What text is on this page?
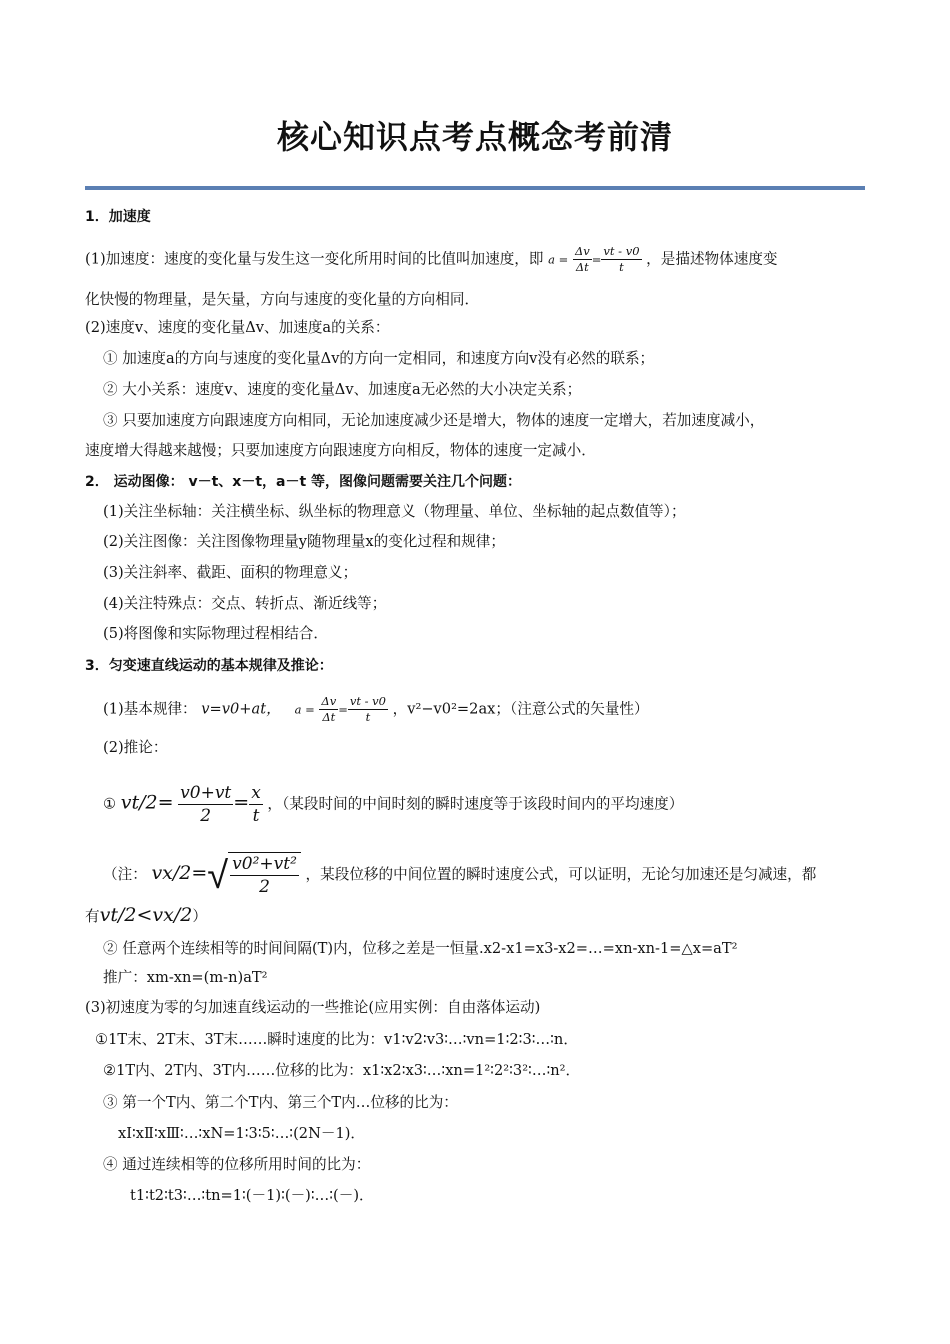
核心知识点考点概念考前清
1．加速度
(1)加速度：速度的变化量与发生这一变化所用时间的比值叫加速度，即 $a = \frac{\Delta v}{\Delta t} = \frac{vt - v0}{t}$ ，是描述物体速度变
化快慢的物理量，是矢量，方向与速度的变化量的方向相同．
(2)速度v、速度的变化量Δv、加速度a的关系：
① 加速度a的方向与速度的变化量Δv的方向一定相同，和速度方向v没有必然的联系；
② 大小关系：速度v、速度的变化量Δv、加速度a无必然的大小决定关系；
③ 只要加速度方向跟速度方向相同，无论加速度减少还是增大，物体的速度一定增大，若加速度减小，
速度增大得越来越慢；只要加速度方向跟速度方向相反，物体的速度一定减小．
2． 运动图像： v－t、x－t，a－t 等，图像问题需要关注几个问题：
(1)关注坐标轴：关注横坐标、纵坐标的物理意义（物理量、单位、坐标轴的起点数值等）；
(2)关注图像：关注图像物理量y随物理量x的变化过程和规律；
(3)关注斜率、截距、面积的物理意义；
(4)关注特殊点：交点、转折点、渐近线等；
(5)将图像和实际物理过程相结合．
3．匀变速直线运动的基本规律及推论：
(1)基本规律： v=v0+at， $a = \frac{\Delta v}{\Delta t} = \frac{vt - v0}{t}$ ，v²−v0²=2ax；（注意公式的矢量性）
(2)推论：
① $vt/2= \frac{v0+vt}{2} = \frac{x}{t}$ ，（某段时间的中间时刻的瞬时速度等于该段时间内的平均速度）
（注： $vx/2=√ \frac{\text{v0²+vt²}}{2}$ ，某段位移的中间位置的瞬时速度公式，可以证明，无论匀加速还是匀减速，都
有vt/2<vx/2）
② 任意两个连续相等的时间间隔(T)内，位移之差是一恒量.x2-x1=x3-x2=…=xn-xn-1=△x=aT²
推广：xm-xn=(m-n)aT²
(3)初速度为零的匀加速直线运动的一些推论(应用实例：自由落体运动)
①1T末、2T末、3T末……瞬时速度的比为：v1∶v2∶v3∶…∶vn=1∶2∶3∶…∶n．
②1T内、2T内、3T内……位移的比为：x1∶x2∶x3∶…∶xn=1²∶2²∶3²∶…∶n²．
③ 第一个T内、第二个T内、第三个T内…位移的比为：
xⅠ∶xⅡ∶xⅢ∶…∶xN=1∶3∶5∶…∶(2N－1)．
④ 通过连续相等的位移所用时间的比为：
t1∶t2∶t3∶…∶tn=1∶(－1)∶(－)∶…∶(－)．
